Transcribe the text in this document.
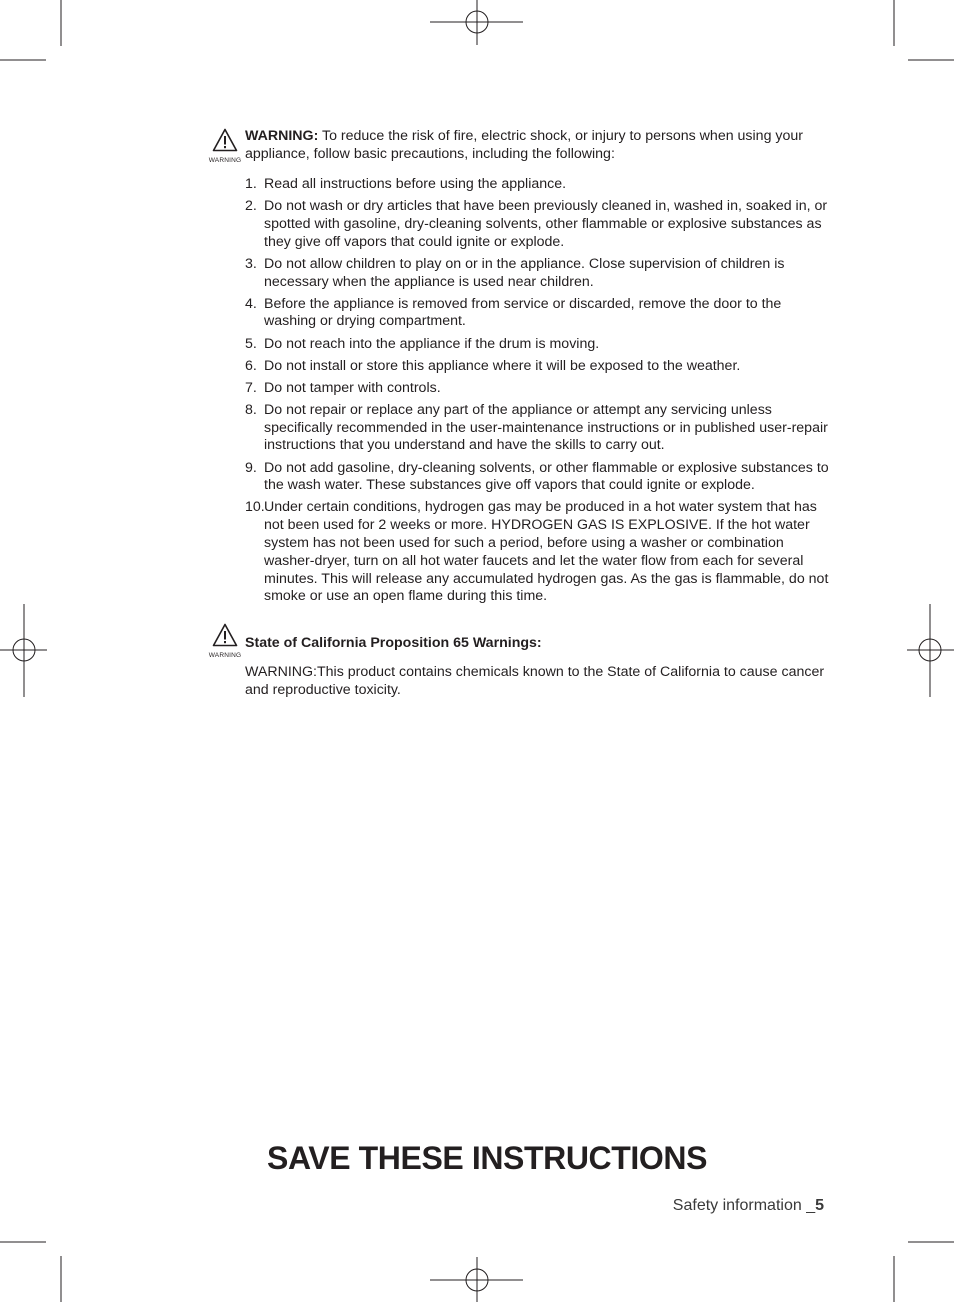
WARNING
WARNING: To reduce the risk of fire, electric shock, or injury to persons when using your appliance, follow basic precautions, including the following:
1. Read all instructions before using the appliance.
2. Do not wash or dry articles that have been previously cleaned in, washed in, soaked in, or spotted with gasoline, dry-cleaning solvents, other flammable or explosive substances as they give off vapors that could ignite or explode.
3. Do not allow children to play on or in the appliance. Close supervision of children is necessary when the appliance is used near children.
4. Before the appliance is removed from service or discarded, remove the door to the washing or drying compartment.
5. Do not reach into the appliance if the drum is moving.
6. Do not install or store this appliance where it will be exposed to the weather.
7. Do not tamper with controls.
8. Do not repair or replace any part of the appliance or attempt any servicing unless specifically recommended in the user-maintenance instructions or in published user-repair instructions that you understand and have the skills to carry out.
9. Do not add gasoline, dry-cleaning solvents, or other flammable or explosive substances to the wash water. These substances give off vapors that could ignite or explode.
10. Under certain conditions, hydrogen gas may be produced in a hot water system that has not been used for 2 weeks or more. HYDROGEN GAS IS EXPLOSIVE. If the hot water system has not been used for such a period, before using a washer or combination washer-dryer, turn on all hot water faucets and let the water flow from each for several minutes. This will release any accumulated hydrogen gas. As the gas is flammable, do not smoke or use an open flame during this time.
WARNING
State of California Proposition 65 Warnings:
WARNING:This product contains chemicals known to the State of California to cause cancer and reproductive toxicity.
SAVE THESE INSTRUCTIONS
Safety information _5
